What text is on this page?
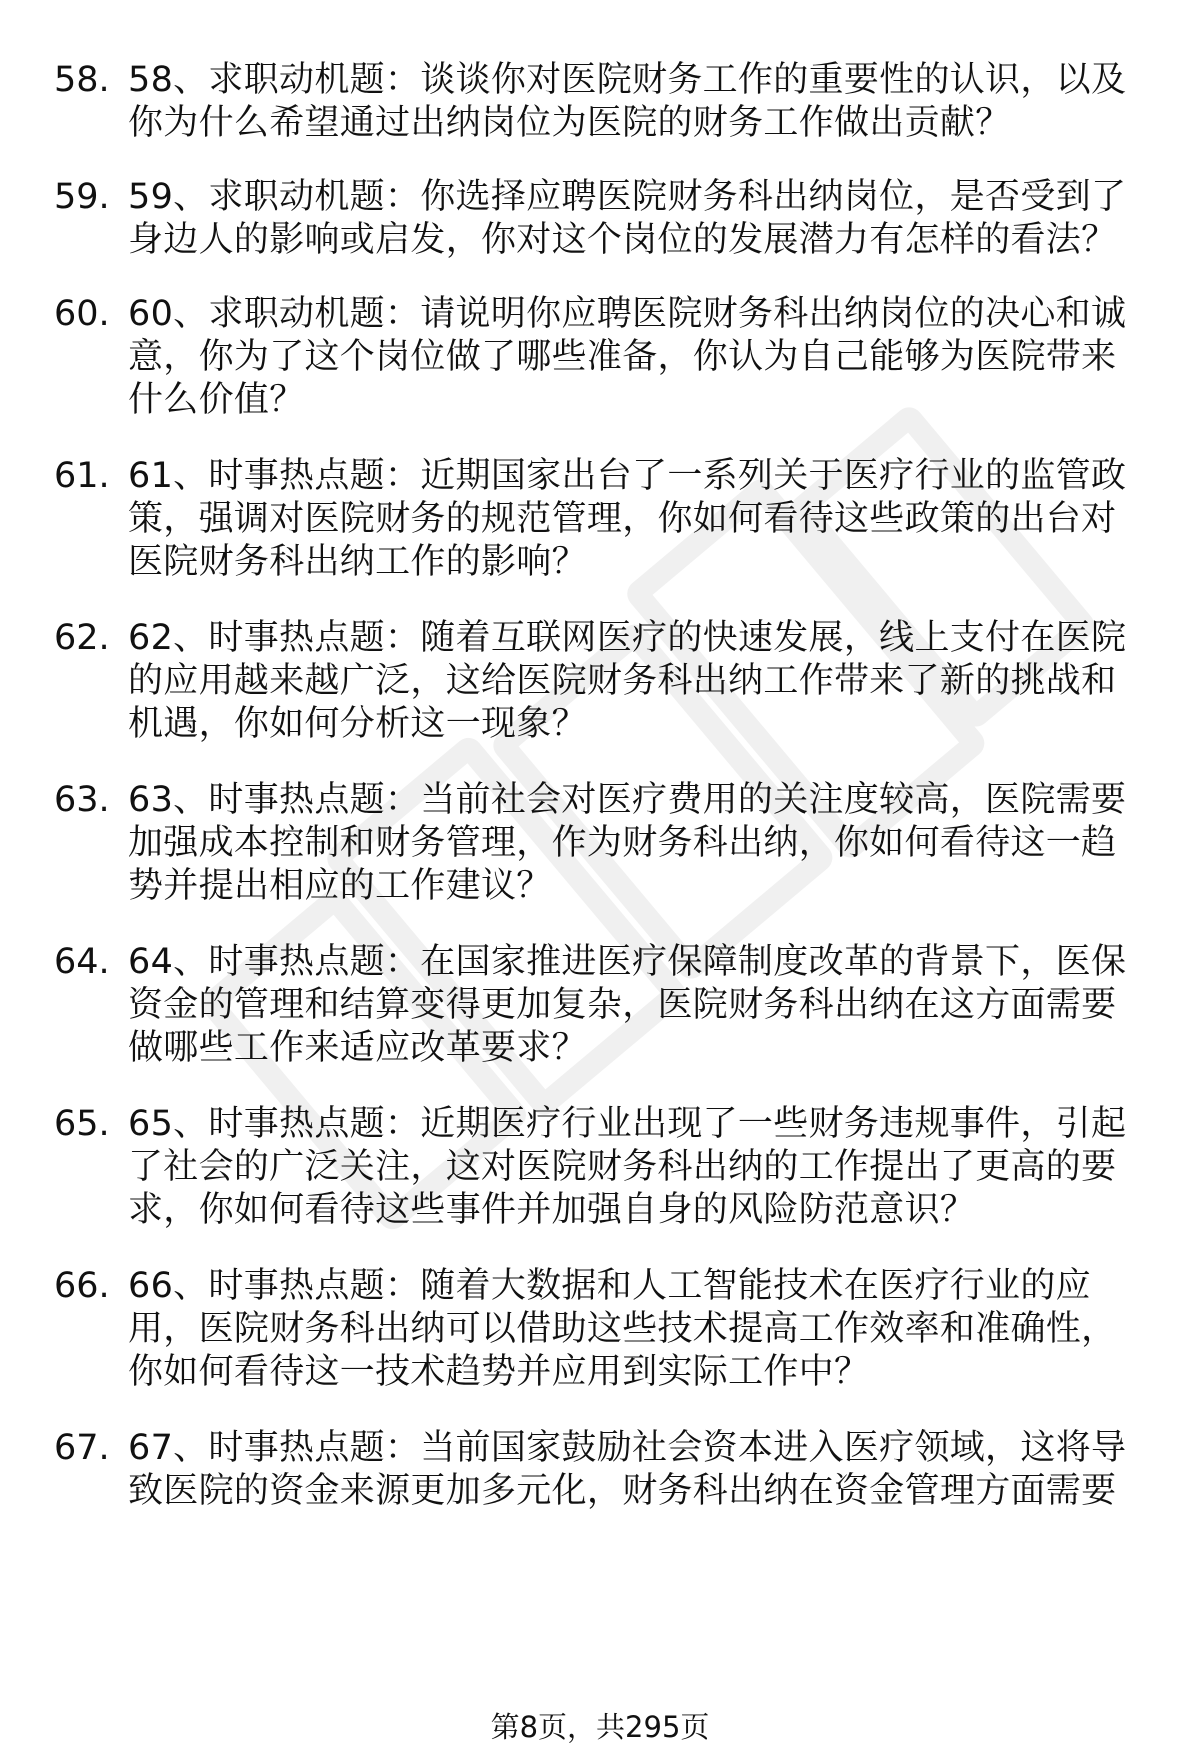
58. 58、求职动机题：谈谈你对医院财务工作的重要性的认识，以及
你为什么希望通过出纳岗位为医院的财务工作做出贡献？
59. 59、求职动机题：你选择应聘医院财务科出纳岗位，是否受到了
身边人的影响或启发，你对这个岗位的发展潜力有怎样的看法？
60. 60、求职动机题：请说明你应聘医院财务科出纳岗位的决心和诚
意，你为了这个岗位做了哪些准备，你认为自己能够为医院带来
什么价值？
61. 61、时事热点题：近期国家出台了一系列关于医疗行业的监管政
策，强调对医院财务的规范管理，你如何看待这些政策的出台对
医院财务科出纳工作的影响？
62. 62、时事热点题：随着互联网医疗的快速发展，线上支付在医院
的应用越来越广泛，这给医院财务科出纳工作带来了新的挑战和
机遇，你如何分析这一现象？
63. 63、时事热点题：当前社会对医疗费用的关注度较高，医院需要
加强成本控制和财务管理，作为财务科出纳，你如何看待这一趋
势并提出相应的工作建议？
64. 64、时事热点题：在国家推进医疗保障制度改革的背景下，医保
资金的管理和结算变得更加复杂，医院财务科出纳在这方面需要
做哪些工作来适应改革要求？
65. 65、时事热点题：近期医疗行业出现了一些财务违规事件，引起
了社会的广泛关注，这对医院财务科出纳的工作提出了更高的要
求，你如何看待这些事件并加强自身的风险防范意识？
66. 66、时事热点题：随着大数据和人工智能技术在医疗行业的应
用，医院财务科出纳可以借助这些技术提高工作效率和准确性，
你如何看待这一技术趋势并应用到实际工作中？
67. 67、时事热点题：当前国家鼓励社会资本进入医疗领域，这将导
致医院的资金来源更加多元化，财务科出纳在资金管理方面需要
第8页，共295页
